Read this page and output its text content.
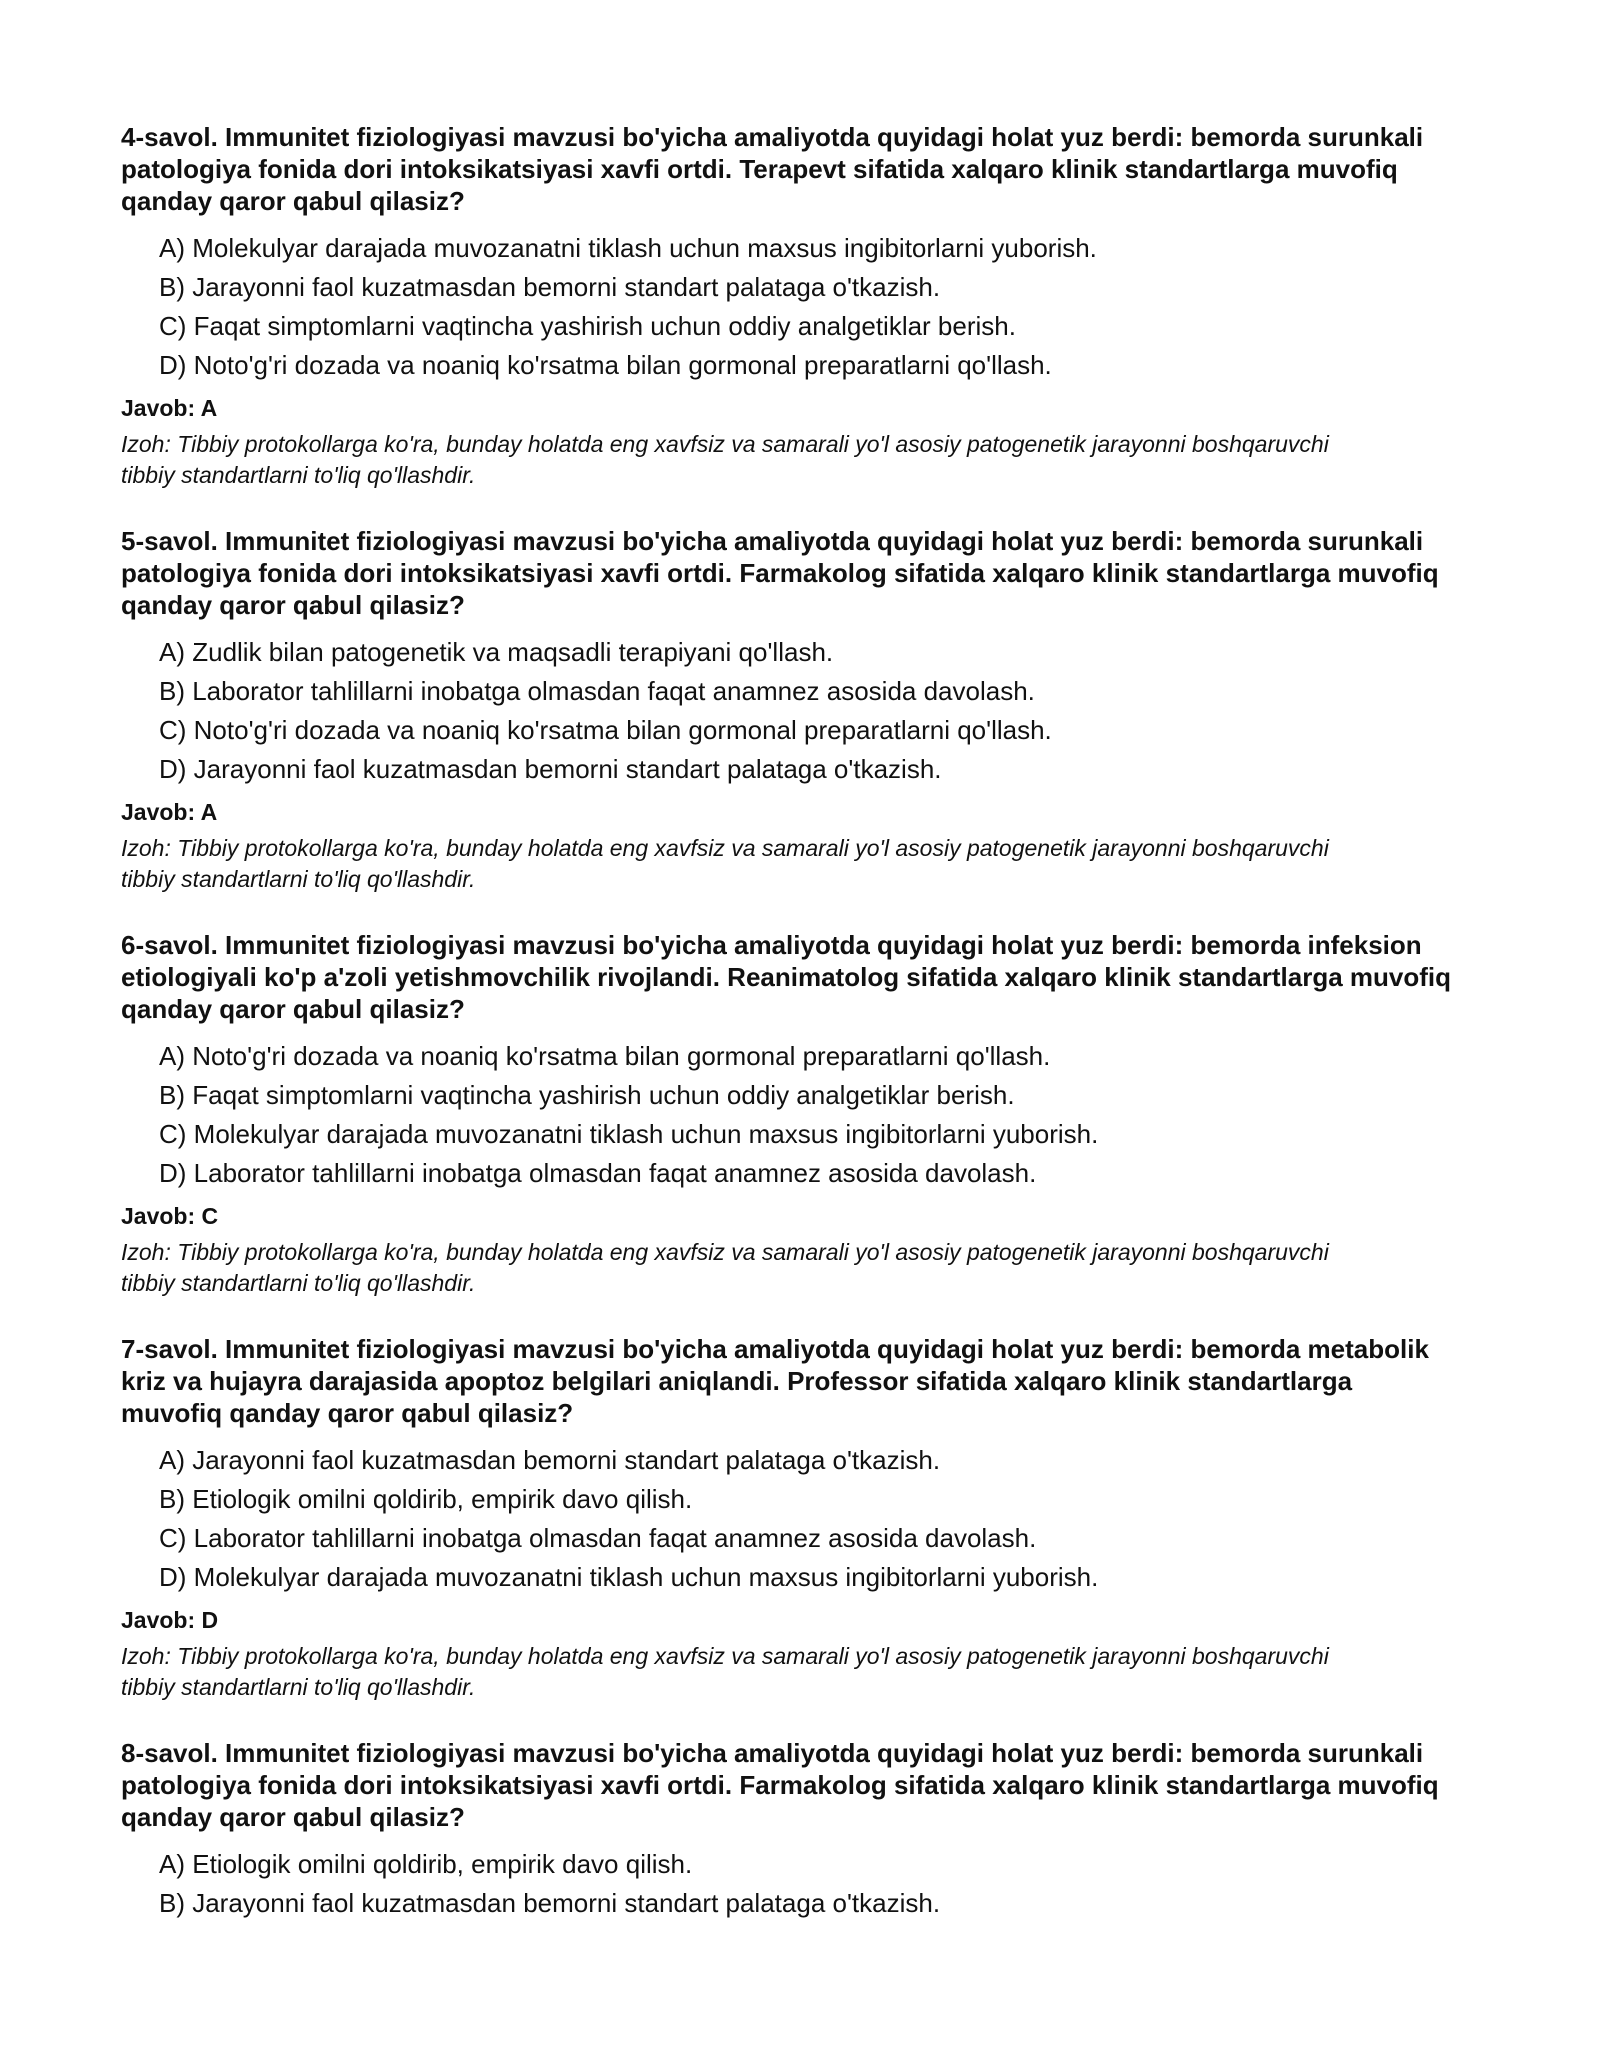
4-savol. Immunitet fiziologiyasi mavzusi bo'yicha amaliyotda quyidagi holat yuz berdi: bemorda surunkali patologiya fonida dori intoksikatsiyasi xavfi ortdi. Terapevt sifatida xalqaro klinik standartlarga muvofiq qanday qaror qabul qilasiz?
A) Molekulyar darajada muvozanatni tiklash uchun maxsus ingibitorlarni yuborish.
B) Jarayonni faol kuzatmasdan bemorni standart palataga o'tkazish.
C) Faqat simptomlarni vaqtincha yashirish uchun oddiy analgetiklar berish.
D) Noto'g'ri dozada va noaniq ko'rsatma bilan gormonal preparatlarni qo'llash.
Javob: A
Izoh: Tibbiy protokollarga ko'ra, bunday holatda eng xavfsiz va samarali yo'l asosiy patogenetik jarayonni boshqaruvchi tibbiy standartlarni to'liq qo'llashdir.
5-savol. Immunitet fiziologiyasi mavzusi bo'yicha amaliyotda quyidagi holat yuz berdi: bemorda surunkali patologiya fonida dori intoksikatsiyasi xavfi ortdi. Farmakolog sifatida xalqaro klinik standartlarga muvofiq qanday qaror qabul qilasiz?
A) Zudlik bilan patogenetik va maqsadli terapiyani qo'llash.
B) Laborator tahlillarni inobatga olmasdan faqat anamnez asosida davolash.
C) Noto'g'ri dozada va noaniq ko'rsatma bilan gormonal preparatlarni qo'llash.
D) Jarayonni faol kuzatmasdan bemorni standart palataga o'tkazish.
Javob: A
Izoh: Tibbiy protokollarga ko'ra, bunday holatda eng xavfsiz va samarali yo'l asosiy patogenetik jarayonni boshqaruvchi tibbiy standartlarni to'liq qo'llashdir.
6-savol. Immunitet fiziologiyasi mavzusi bo'yicha amaliyotda quyidagi holat yuz berdi: bemorda infeksion etiologiyali ko'p a'zoli yetishmovchilik rivojlandi. Reanimatolog sifatida xalqaro klinik standartlarga muvofiq qanday qaror qabul qilasiz?
A) Noto'g'ri dozada va noaniq ko'rsatma bilan gormonal preparatlarni qo'llash.
B) Faqat simptomlarni vaqtincha yashirish uchun oddiy analgetiklar berish.
C) Molekulyar darajada muvozanatni tiklash uchun maxsus ingibitorlarni yuborish.
D) Laborator tahlillarni inobatga olmasdan faqat anamnez asosida davolash.
Javob: C
Izoh: Tibbiy protokollarga ko'ra, bunday holatda eng xavfsiz va samarali yo'l asosiy patogenetik jarayonni boshqaruvchi tibbiy standartlarni to'liq qo'llashdir.
7-savol. Immunitet fiziologiyasi mavzusi bo'yicha amaliyotda quyidagi holat yuz berdi: bemorda metabolik kriz va hujayra darajasida apoptoz belgilari aniqlandi. Professor sifatida xalqaro klinik standartlarga muvofiq qanday qaror qabul qilasiz?
A) Jarayonni faol kuzatmasdan bemorni standart palataga o'tkazish.
B) Etiologik omilni qoldirib, empirik davo qilish.
C) Laborator tahlillarni inobatga olmasdan faqat anamnez asosida davolash.
D) Molekulyar darajada muvozanatni tiklash uchun maxsus ingibitorlarni yuborish.
Javob: D
Izoh: Tibbiy protokollarga ko'ra, bunday holatda eng xavfsiz va samarali yo'l asosiy patogenetik jarayonni boshqaruvchi tibbiy standartlarni to'liq qo'llashdir.
8-savol. Immunitet fiziologiyasi mavzusi bo'yicha amaliyotda quyidagi holat yuz berdi: bemorda surunkali patologiya fonida dori intoksikatsiyasi xavfi ortdi. Farmakolog sifatida xalqaro klinik standartlarga muvofiq qanday qaror qabul qilasiz?
A) Etiologik omilni qoldirib, empirik davo qilish.
B) Jarayonni faol kuzatmasdan bemorni standart palataga o'tkazish.
